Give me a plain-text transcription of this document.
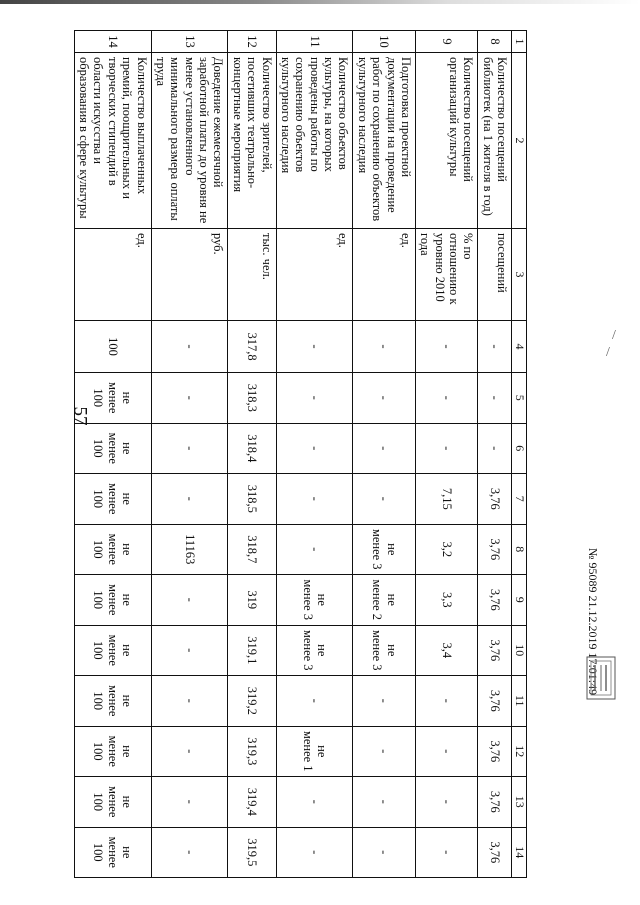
57
1	2	3	4	5	6	7	8	9	10	11	12	13	14
8	Количество посещений библиотек (на 1 жителя в год)	посещений	-	-	-	3,76	3,76	3,76	3,76	3,76	3,76	3,76	3,76
9	Количество посещений организаций культуры	% по отношению к уровню 2010 года	-	-	-	7,15	3,2	3,3	3,4	-	-	-	-
10	Подготовка проектной документации на проведение работ по сохранению объектов культурного наследия	ед.	-	-	-	-	не менее 3	не менее 2	не менее 3	-	-	-	-
11	Количество объектов культуры, на которых проведены работы по сохранению объектов культурного наследия	ед.	-	-	-	-	-	не менее 3	не менее 3	-	не менее 1	-	-
12	Количество зрителей, посетивших театрально-концертные мероприятия	тыс. чел.	317,8	318,3	318,4	318,5	318,7	319	319,1	319,2	319,3	319,4	319,5
13	Доведение ежемесячной заработной платы до уровня не менее установленного минимального размера оплаты труда	руб.	-	-	-	-	11163	-	-	-	-	-	-
14	Количество выплаченных премий, поощрительных и творческих стипендий в области искусства и образования в сфере культуры	ед.	100	не менее 100	не менее 100	не менее 100	не менее 100	не менее 100	не менее 100	не менее 100	не менее 100	не менее 100	не менее 100
№ 95089 21.12.2019 17:01:49
/
/
